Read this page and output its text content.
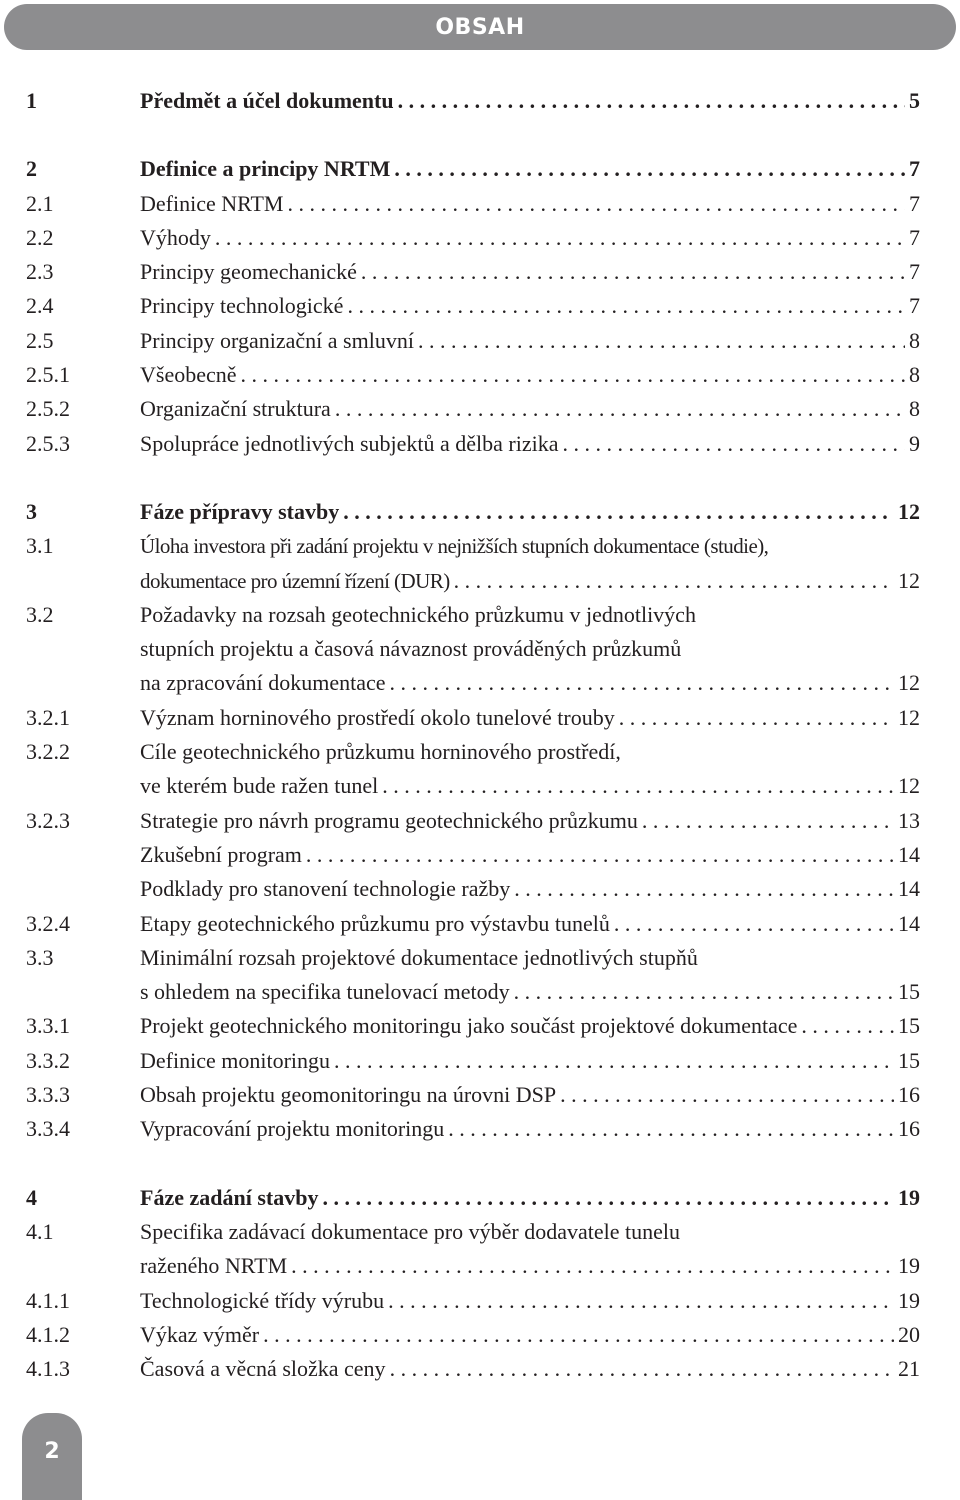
OBSAH
1	Předmět a účel dokumentu . . .	5
2	Definice a principy NRTM . . .	7
2.1	Definice NRTM . . .	7
2.2	Výhody . . .	7
2.3	Principy geomechanické . . .	7
2.4	Principy technologické . . .	7
2.5	Principy organizační a smluvní . . .	8
2.5.1	Všeobecně . . .	8
2.5.2	Organizační struktura . . .	8
2.5.3	Spolupráce jednotlivých subjektů a dělba rizika . . .	9
3	Fáze přípravy stavby . . .	12
3.1	Úloha investora při zadání projektu v nejnižších stupních dokumentace (studie),
dokumentace pro územní řízení (DUR) . . .	12
3.2	Požadavky na rozsah geotechnického průzkumu v jednotlivých
stupních projektu a časová návaznost prováděných průzkumů
na zpracování dokumentace . . .	12
3.2.1	Význam horninového prostředí okolo tunelové trouby . . .	12
3.2.2	Cíle geotechnického průzkumu horninového prostředí,
ve kterém bude ražen tunel . . .	12
3.2.3	Strategie pro návrh programu geotechnického průzkumu . . .	13
Zkušební program . . .	14
Podklady pro stanovení technologie ražby . . .	14
3.2.4	Etapy geotechnického průzkumu pro výstavbu tunelů . . .	14
3.3	Minimální rozsah projektové dokumentace jednotlivých stupňů
s ohledem na specifika tunelovací metody . . .	15
3.3.1	Projekt geotechnického monitoringu jako součást projektové dokumentace . . .	15
3.3.2	Definice monitoringu . . .	15
3.3.3	Obsah projektu geomonitoringu na úrovni DSP . . .	16
3.3.4	Vypracování projektu monitoringu . . .	16
4	Fáze zadání stavby . . .	19
4.1	Specifika zadávací dokumentace pro výběr dodavatele tunelu
raženého NRTM . . .	19
4.1.1	Technologické třídy výrubu . . .	19
4.1.2	Výkaz výměr . . .	20
4.1.3	Časová a věcná složka ceny . . .	21
2
